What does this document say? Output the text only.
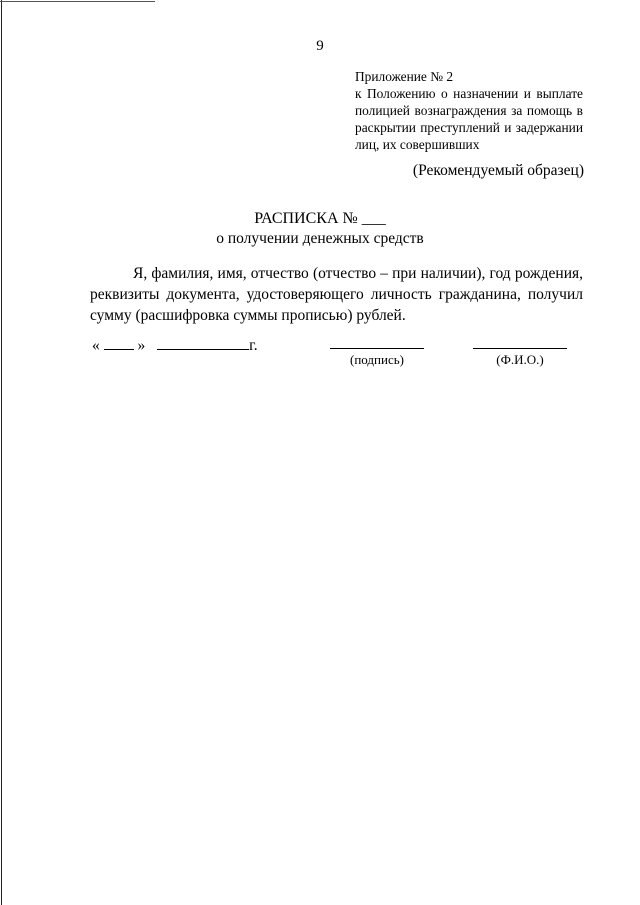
9
Приложение № 2
к Положению о назначении и выплате
полицией вознаграждения за помощь в
раскрытии преступлений и задержании
лиц, их совершивших
(Рекомендуемый образец)
РАСПИСКА № ___
о получении денежных средств
Я, фамилия, имя, отчество (отчество – при наличии), год рождения,
реквизиты документа, удостоверяющего личность гражданина, получил
сумму (расшифровка суммы прописью) рублей.
« »	г.
(подпись)	(Ф.И.О.)
